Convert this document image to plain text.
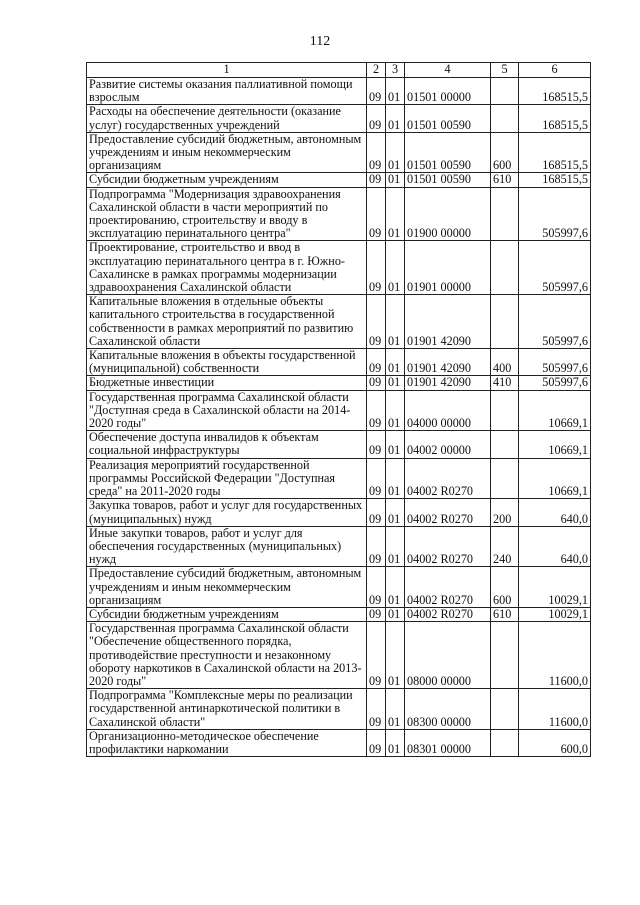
112
1	2	3	4	5	6
Развитие системы оказания паллиативной помощи взрослым	09	01	01501 00000		168515,5
Расходы на обеспечение деятельности (оказание услуг) государственных учреждений	09	01	01501 00590		168515,5
Предоставление субсидий бюджетным, автономным учреждениям и иным некоммерческим организациям	09	01	01501 00590	600	168515,5
Субсидии бюджетным учреждениям	09	01	01501 00590	610	168515,5
Подпрограмма "Модернизация здравоохранения Сахалинской области в части мероприятий по проектированию, строительству и вводу в эксплуатацию перинатального центра"	09	01	01900 00000		505997,6
Проектирование, строительство и ввод в эксплуатацию перинатального центра в г. Южно-Сахалинске в рамках программы модернизации здравоохранения Сахалинской области	09	01	01901 00000		505997,6
Капитальные вложения в отдельные объекты капитального строительства в государственной собственности в рамках мероприятий по развитию Сахалинской области	09	01	01901 42090		505997,6
Капитальные вложения в объекты государственной (муниципальной) собственности	09	01	01901 42090	400	505997,6
Бюджетные инвестиции	09	01	01901 42090	410	505997,6
Государственная программа Сахалинской области "Доступная среда в Сахалинской области на 2014-2020 годы"	09	01	04000 00000		10669,1
Обеспечение доступа инвалидов к объектам социальной инфраструктуры	09	01	04002 00000		10669,1
Реализация мероприятий государственной программы Российской Федерации "Доступная среда" на 2011-2020 годы	09	01	04002 R0270		10669,1
Закупка товаров, работ и услуг для государственных (муниципальных) нужд	09	01	04002 R0270	200	640,0
Иные закупки товаров, работ и услуг для обеспечения государственных (муниципальных) нужд	09	01	04002 R0270	240	640,0
Предоставление субсидий бюджетным, автономным учреждениям и иным некоммерческим организациям	09	01	04002 R0270	600	10029,1
Субсидии бюджетным учреждениям	09	01	04002 R0270	610	10029,1
Государственная программа Сахалинской области "Обеспечение общественного порядка, противодействие преступности и незаконному обороту наркотиков в Сахалинской области на 2013-2020 годы"	09	01	08000 00000		11600,0
Подпрограмма "Комплексные меры по реализации государственной антинаркотической политики в Сахалинской области"	09	01	08300 00000		11600,0
Организационно-методическое обеспечение профилактики наркомании	09	01	08301 00000		600,0
